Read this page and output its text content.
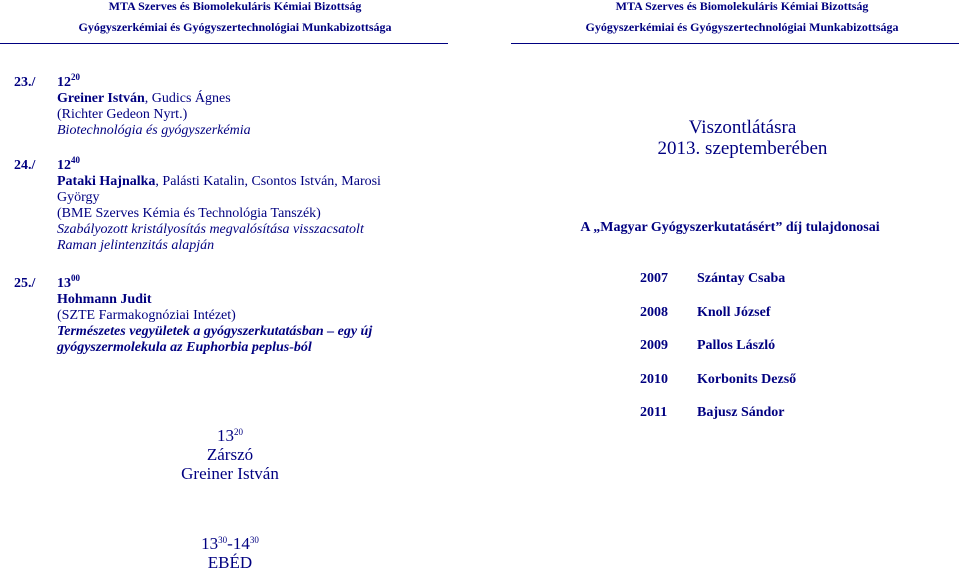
MTA Szerves és Biomolekuláris Kémiai Bizottság
Gyógyszerkémiai és Gyógyszertechnológiai Munkabizottsága
MTA Szerves és Biomolekuláris Kémiai Bizottság
Gyógyszerkémiai és Gyógyszertechnológiai Munkabizottsága
23./ $12^{20}$
Greiner István, Gudics Ágnes
(Richter Gedeon Nyrt.)
Biotechnológia és gyógyszerkémia
24./ $12^{40}$
Pataki Hajnalka, Palásti Katalin, Csontos István, Marosi
György
(BME Szerves Kémia és Technológia Tanszék)
Szabályozott kristályosítás megvalósítása visszacsatolt
Raman jelintenzitás alapján
25./ $13^{00}$
Hohmann Judit
(SZTE Farmakognóziai Intézet)
Természetes vegyületek a gyógyszerkutatásban – egy új
gyógyszermolekula az Euphorbia peplus-ból
$13^{20}$
Zárszó
Greiner István
$13^{30}-14^{30}$
EBÉD
Viszontlátásra
2013. szeptemberében
A „Magyar Gyógyszerkutatásért” díj tulajdonosai
2007 Szántay Csaba
2008 Knoll József
2009 Pallos László
2010 Korbonits Dezső
2011 Bajusz Sándor
